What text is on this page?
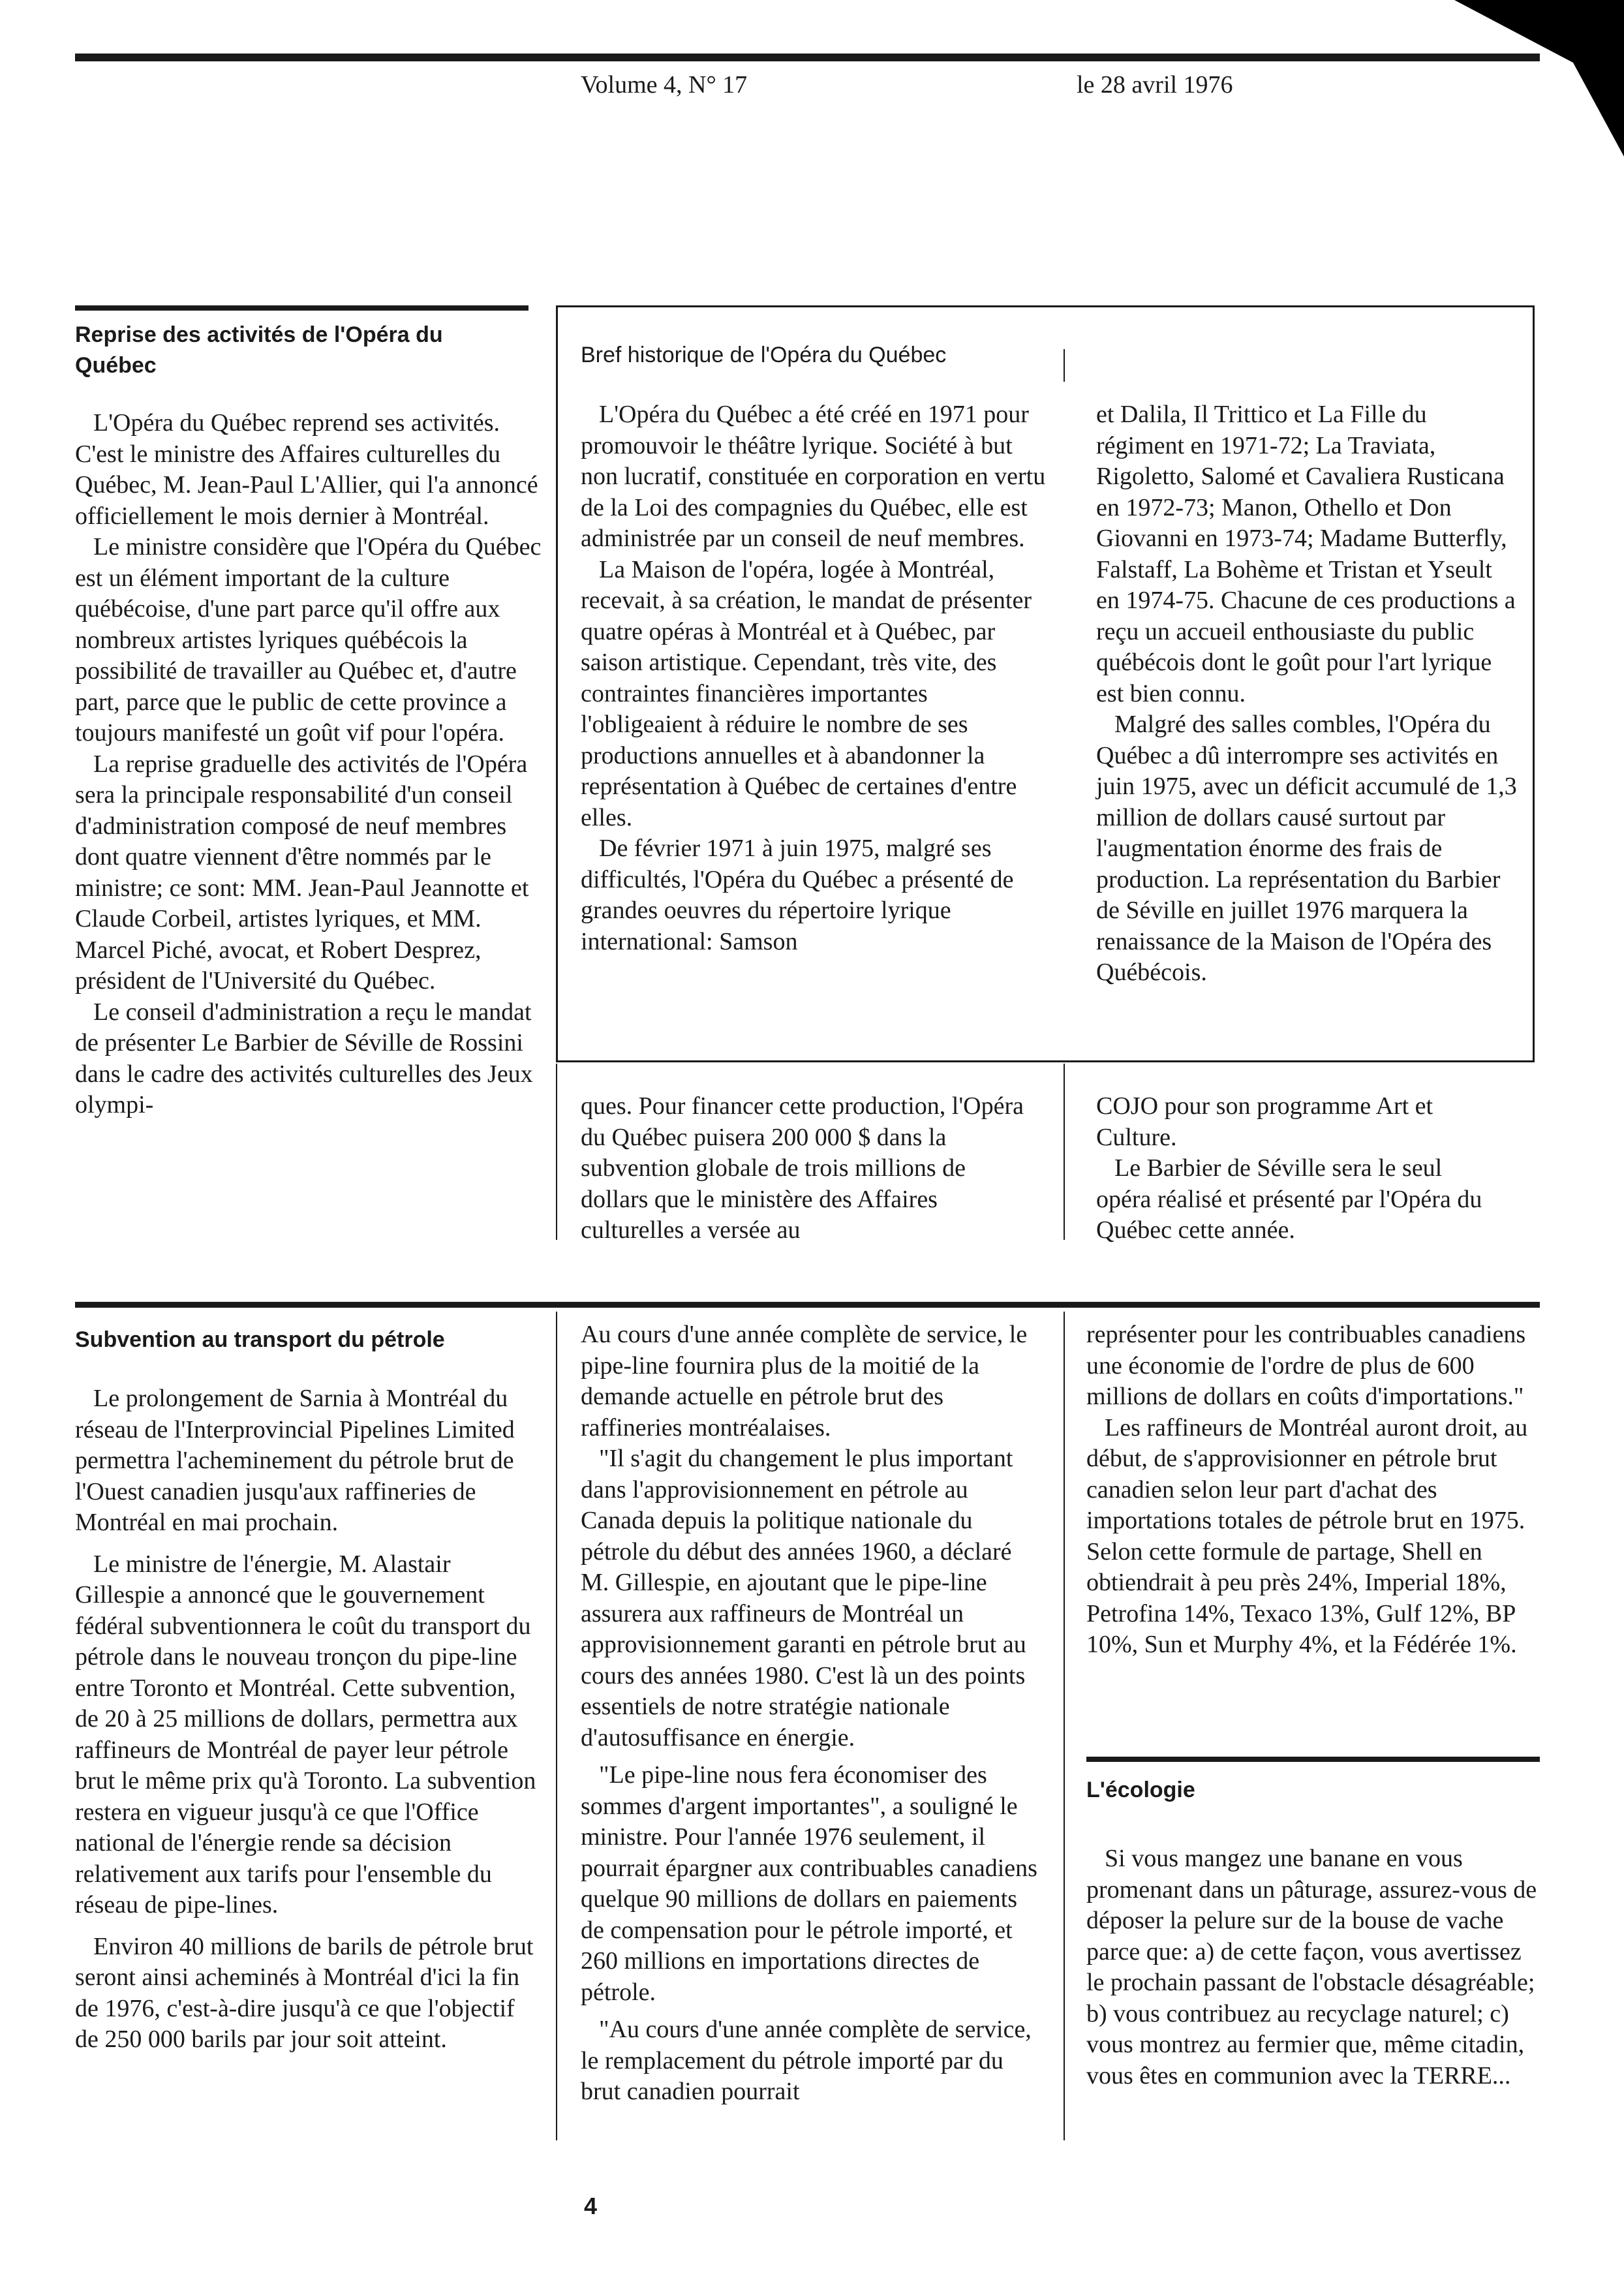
Volume 4, N° 17	le 28 avril 1976
Reprise des activités de l'Opéra du Québec

L'Opéra du Québec reprend ses activités. C'est le ministre des Affaires culturelles du Québec, M. Jean-Paul L'Allier, qui l'a annoncé officiellement le mois dernier à Montréal.

Le ministre considère que l'Opéra du Québec est un élément important de la culture québécoise, d'une part parce qu'il offre aux nombreux artistes lyriques québécois la possibilité de travailler au Québec et, d'autre part, parce que le public de cette province a toujours manifesté un goût vif pour l'opéra.

La reprise graduelle des activités de l'Opéra sera la principale responsabilité d'un conseil d'administration composé de neuf membres dont quatre viennent d'être nommés par le ministre; ce sont: MM. Jean-Paul Jeannotte et Claude Corbeil, artistes lyriques, et MM. Marcel Piché, avocat, et Robert Desprez, président de l'Université du Québec.

Le conseil d'administration a reçu le mandat de présenter Le Barbier de Séville de Rossini dans le cadre des activités culturelles des Jeux olympi-

Bref historique de l'Opéra du Québec

L'Opéra du Québec a été créé en 1971 pour promouvoir le théâtre lyrique. Société à but non lucratif, constituée en corporation en vertu de la Loi des compagnies du Québec, elle est administrée par un conseil de neuf membres.

La Maison de l'opéra, logée à Montréal, recevait, à sa création, le mandat de présenter quatre opéras à Montréal et à Québec, par saison artistique. Cependant, très vite, des contraintes financières importantes l'obligeaient à réduire le nombre de ses productions annuelles et à abandonner la représentation à Québec de certaines d'entre elles.

De février 1971 à juin 1975, malgré ses difficultés, l'Opéra du Québec a présenté de grandes oeuvres du répertoire lyrique international: Samson

et Dalila, Il Trittico et La Fille du régiment en 1971-72; La Traviata, Rigoletto, Salomé et Cavaliera Rusticana en 1972-73; Manon, Othello et Don Giovanni en 1973-74; Madame Butterfly, Falstaff, La Bohème et Tristan et Yseult en 1974-75. Chacune de ces productions a reçu un accueil enthousiaste du public québécois dont le goût pour l'art lyrique est bien connu.

Malgré des salles combles, l'Opéra du Québec a dû interrompre ses activités en juin 1975, avec un déficit accumulé de 1,3 million de dollars causé surtout par l'augmentation énorme des frais de production. La représentation du Barbier de Séville en juillet 1976 marquera la renaissance de la Maison de l'Opéra des Québécois.

ques. Pour financer cette production, l'Opéra du Québec puisera 200 000 $ dans la subvention globale de trois millions de dollars que le ministère des Affaires culturelles a versée au

COJO pour son programme Art et Culture.

Le Barbier de Séville sera le seul opéra réalisé et présenté par l'Opéra du Québec cette année.

Subvention au transport du pétrole

Le prolongement de Sarnia à Montréal du réseau de l'Interprovincial Pipelines Limited permettra l'acheminement du pétrole brut de l'Ouest canadien jusqu'aux raffineries de Montréal en mai prochain.

Le ministre de l'énergie, M. Alastair Gillespie a annoncé que le gouvernement fédéral subventionnera le coût du transport du pétrole dans le nouveau tronçon du pipe-line entre Toronto et Montréal. Cette subvention, de 20 à 25 millions de dollars, permettra aux raffineurs de Montréal de payer leur pétrole brut le même prix qu'à Toronto. La subvention restera en vigueur jusqu'à ce que l'Office national de l'énergie rende sa décision relativement aux tarifs pour l'ensemble du réseau de pipe-lines.

Environ 40 millions de barils de pétrole brut seront ainsi acheminés à Montréal d'ici la fin de 1976, c'est-à-dire jusqu'à ce que l'objectif de 250 000 barils par jour soit atteint.

Au cours d'une année complète de service, le pipe-line fournira plus de la moitié de la demande actuelle en pétrole brut des raffineries montréalaises.

"Il s'agit du changement le plus important dans l'approvisionnement en pétrole au Canada depuis la politique nationale du pétrole du début des années 1960, a déclaré M. Gillespie, en ajoutant que le pipe-line assurera aux raffineurs de Montréal un approvisionnement garanti en pétrole brut au cours des années 1980. C'est là un des points essentiels de notre stratégie nationale d'autosuffisance en énergie.

"Le pipe-line nous fera économiser des sommes d'argent importantes", a souligné le ministre. Pour l'année 1976 seulement, il pourrait épargner aux contribuables canadiens quelque 90 millions de dollars en paiements de compensation pour le pétrole importé, et 260 millions en importations directes de pétrole.

"Au cours d'une année complète de service, le remplacement du pétrole importé par du brut canadien pourrait

représenter pour les contribuables canadiens une économie de l'ordre de plus de 600 millions de dollars en coûts d'importations."

Les raffineurs de Montréal auront droit, au début, de s'approvisionner en pétrole brut canadien selon leur part d'achat des importations totales de pétrole brut en 1975. Selon cette formule de partage, Shell en obtiendrait à peu près 24%, Imperial 18%, Petrofina 14%, Texaco 13%, Gulf 12%, BP 10%, Sun et Murphy 4%, et la Fédérée 1%.

L'écologie

Si vous mangez une banane en vous promenant dans un pâturage, assurez-vous de déposer la pelure sur de la bouse de vache parce que: a) de cette façon, vous avertissez le prochain passant de l'obstacle désagréable; b) vous contribuez au recyclage naturel; c) vous montrez au fermier que, même citadin, vous êtes en communion avec la TERRE...

4
